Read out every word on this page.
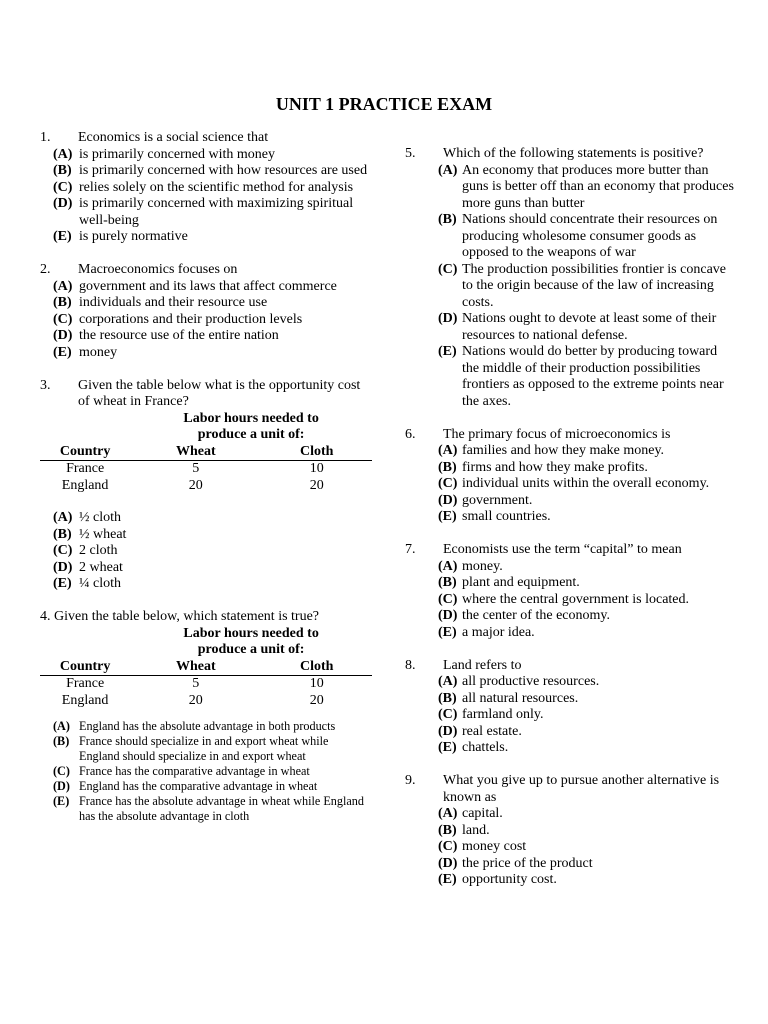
UNIT 1 PRACTICE EXAM
1.	Economics is a social science that
(A) is primarily concerned with money
(B) is primarily concerned with how resources are used
(C) relies solely on the scientific method for analysis
(D) is primarily concerned with maximizing spiritual well-being
(E) is purely normative
2.	Macroeconomics focuses on
(A) government and its laws that affect commerce
(B) individuals and their resource use
(C) corporations and their production levels
(D) the resource use of the entire nation
(E) money
3.	Given the table below what is the opportunity cost of wheat in France?
	Labor hours needed to	
	produce a unit of:	
Country	Wheat	Cloth
France	5	10
England	20	20
(A) ½ cloth
(B) ½ wheat
(C) 2 cloth
(D) 2 wheat
(E) ¼ cloth
4. Given the table below, which statement is true?
	Labor hours needed to	
	produce a unit of:	
Country	Wheat	Cloth
France	5	10
England	20	20
(A) England has the absolute advantage in both products
(B) France should specialize in and export wheat while England should specialize in and export wheat
(C) France has the comparative advantage in wheat
(D) England has the comparative advantage in wheat
(E) France has the absolute advantage in wheat while England has the absolute advantage in cloth
5.	Which of the following statements is positive?
(A) An economy that produces more butter than guns is better off than an economy that produces more guns than butter
(B) Nations should concentrate their resources on producing wholesome consumer goods as opposed to the weapons of war
(C) The production possibilities frontier is concave to the origin because of the law of increasing costs.
(D) Nations ought to devote at least some of their resources to national defense.
(E) Nations would do better by producing toward the middle of their production possibilities frontiers as opposed to the extreme points near the axes.
6.	The primary focus of microeconomics is
(A) families and how they make money.
(B) firms and how they make profits.
(C) individual units within the overall economy.
(D) government.
(E) small countries.
7.	Economists use the term “capital” to mean
(A) money.
(B) plant and equipment.
(C) where the central government is located.
(D) the center of the economy.
(E) a major idea.
8.	Land refers to
(A) all productive resources.
(B) all natural resources.
(C) farmland only.
(D) real estate.
(E) chattels.
9.	What you give up to pursue another alternative is known as
(A) capital.
(B) land.
(C) money cost
(D) the price of the product
(E) opportunity cost.
